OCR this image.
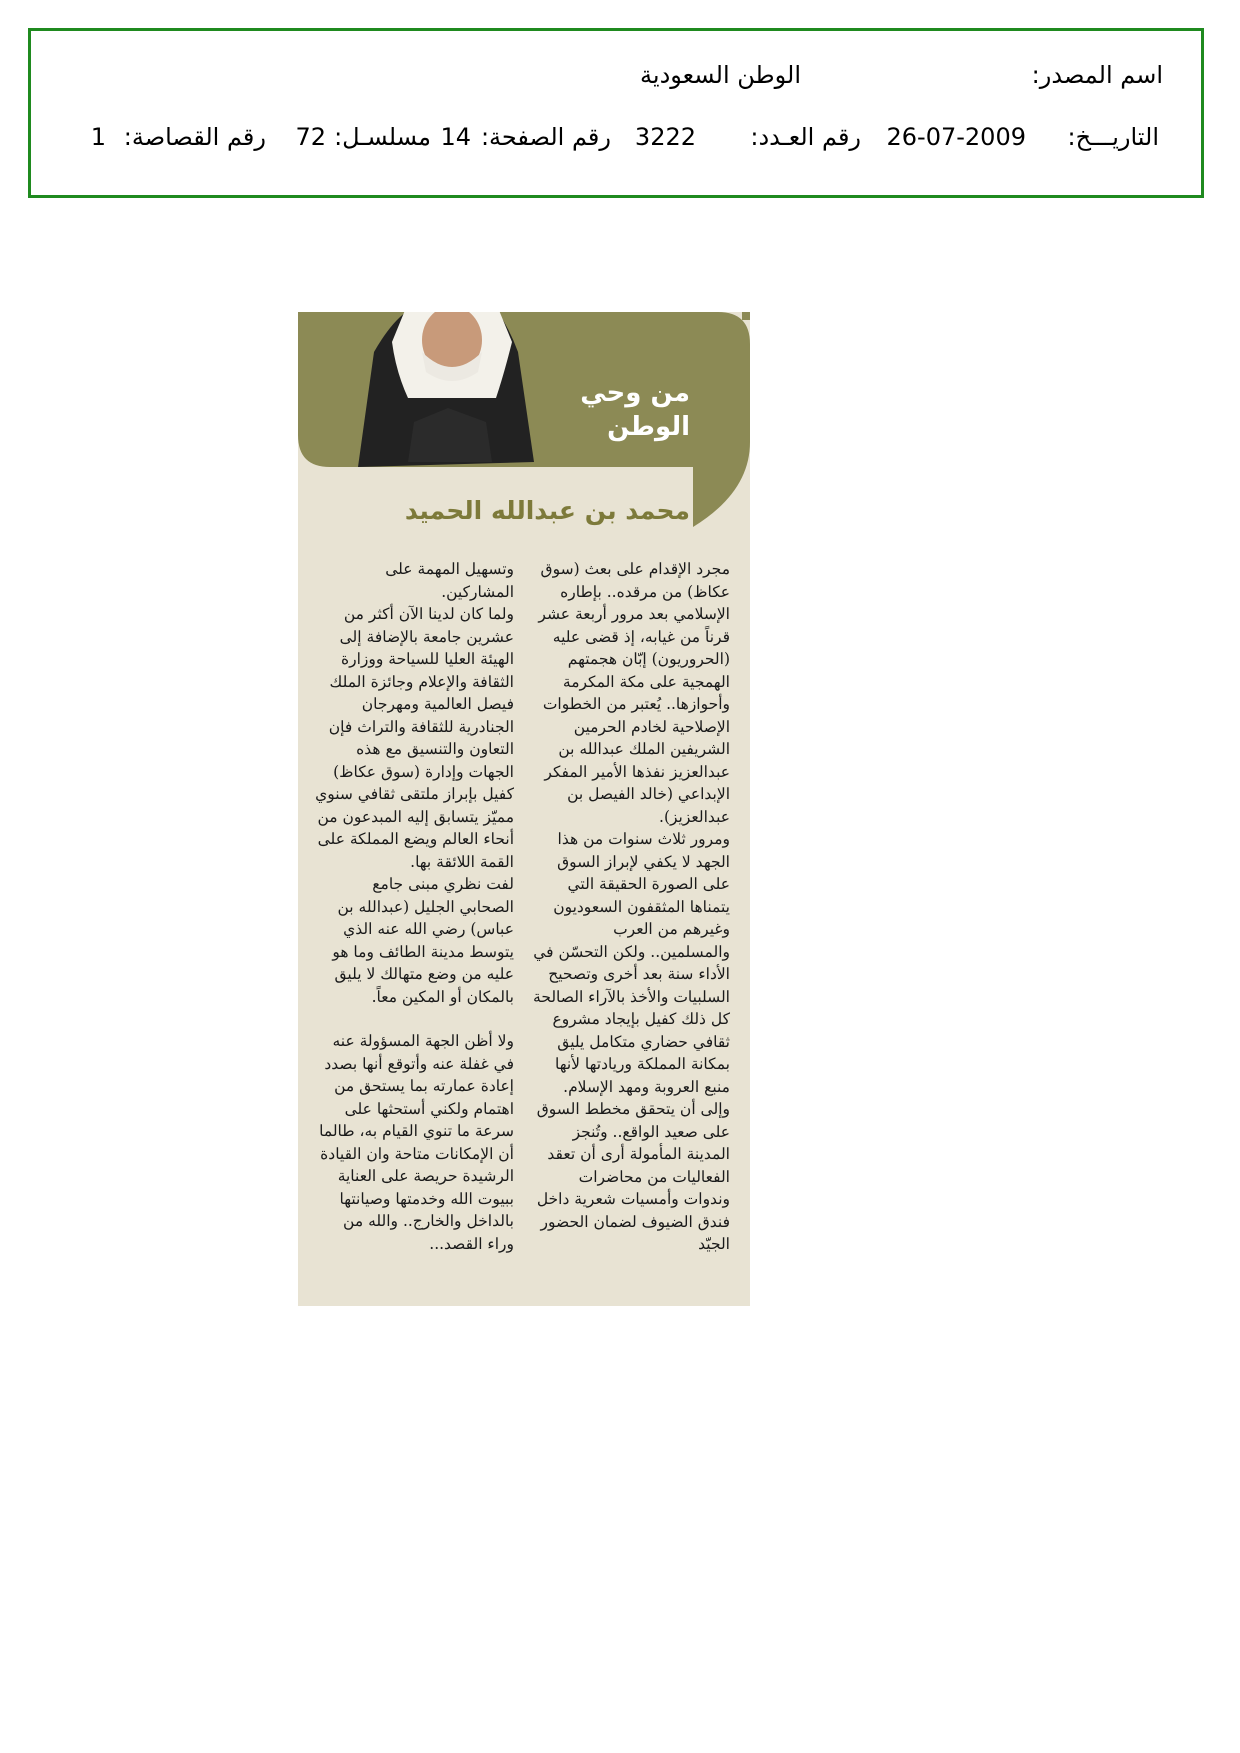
اسم المصدر:
الوطن السعودية
التاريـــخ:
26-07-2009
رقم العـدد:
3222
رقم الصفحة:
14
مسلسـل:
72
رقم القصاصة:
1
من وحي
الوطن
محمد بن عبدالله الحميد

مجرد الإقدام على بعث (سوق عكاظ) من مرقده.. بإطاره الإسلامي بعد مرور أربعة عشر قرناً من غيابه، إذ قضى عليه (الحروريون) إبّان هجمتهم الهمجية على مكة المكرمة وأحوازها.. يُعتبر من الخطوات الإصلاحية لخادم الحرمين الشريفين الملك عبدالله بن عبدالعزيز نفذها الأمير المفكر الإبداعي (خالد الفيصل بن عبدالعزيز).

ومرور ثلاث سنوات من هذا الجهد لا يكفي لإبراز السوق على الصورة الحقيقة التي يتمناها المثقفون السعوديون وغيرهم من العرب والمسلمين.. ولكن التحسّن في الأداء سنة بعد أخرى وتصحيح السلبيات والأخذ بالآراء الصالحة كل ذلك كفيل بإيجاد مشروع ثقافي حضاري متكامل يليق بمكانة المملكة وريادتها لأنها منبع العروبة ومهد الإسلام.

وإلى أن يتحقق مخطط السوق على صعيد الواقع.. وتُنجز المدينة المأمولة أرى أن تعقد الفعاليات من محاضرات وندوات وأمسيات شعرية داخل فندق الضيوف لضمان الحضور الجيّد

وتسهيل المهمة على المشاركين.

ولما كان لدينا الآن أكثر من عشرين جامعة بالإضافة إلى الهيئة العليا للسياحة ووزارة الثقافة والإعلام وجائزة الملك فيصل العالمية ومهرجان الجنادرية للثقافة والتراث فإن التعاون والتنسيق مع هذه الجهات وإدارة (سوق عكاظ) كفيل بإبراز ملتقى ثقافي سنوي مميّز يتسابق إليه المبدعون من أنحاء العالم ويضع المملكة على القمة اللائقة بها.

لفت نظري مبنى جامع الصحابي الجليل (عبدالله بن عباس) رضي الله عنه الذي يتوسط مدينة الطائف وما هو عليه من وضع متهالك لا يليق بالمكان أو المكين معاً.

ولا أظن الجهة المسؤولة عنه في غفلة عنه وأتوقع أنها بصدد إعادة عمارته بما يستحق من اهتمام ولكني أستحثها على سرعة ما تنوي القيام به، طالما أن الإمكانات متاحة وان القيادة الرشيدة حريصة على العناية ببيوت الله وخدمتها وصيانتها بالداخل والخارج.. والله من وراء القصد...
